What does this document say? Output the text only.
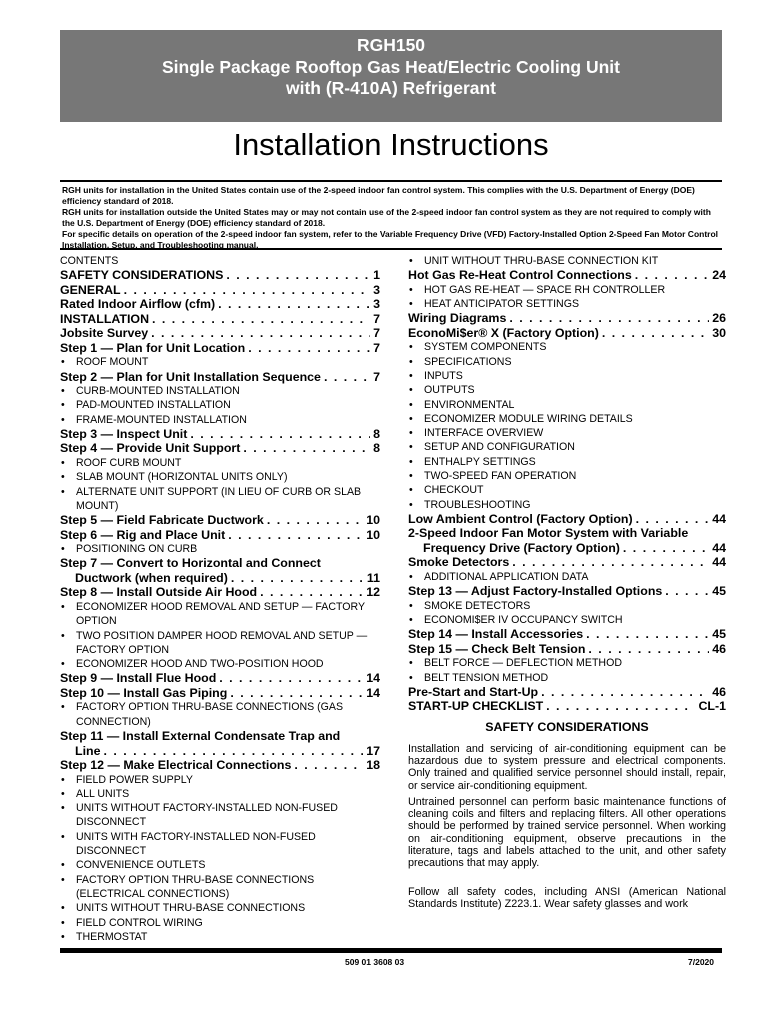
RGH150
Single Package Rooftop Gas Heat/Electric Cooling Unit
with (R-410A) Refrigerant
Installation Instructions
RGH units for installation in the United States contain use of the 2-speed indoor fan control system. This complies with the U.S. Department of Energy (DOE) efficiency standard of 2018.
RGH units for installation outside the United States may or may not contain use of the 2-speed indoor fan control system as they are not required to comply with the U.S. Department of Energy (DOE) efficiency standard of 2018.
For specific details on operation of the 2-speed indoor fan system, refer to the Variable Frequency Drive (VFD) Factory-Installed Option 2-Speed Fan Motor Control Installation, Setup, and Troubleshooting manual.
CONTENTS
SAFETY CONSIDERATIONS . . .	1
GENERAL . . .	3
Rated Indoor Airflow (cfm) . . .	3
INSTALLATION . . .	7
Jobsite Survey . . .	7
Step 1 — Plan for Unit Location . . .	7
• ROOF MOUNT
Step 2 — Plan for Unit Installation Sequence . . .	7
• CURB-MOUNTED INSTALLATION
• PAD-MOUNTED INSTALLATION
• FRAME-MOUNTED INSTALLATION
Step 3 — Inspect Unit . . .	8
Step 4 — Provide Unit Support . . .	8
• ROOF CURB MOUNT
• SLAB MOUNT (HORIZONTAL UNITS ONLY)
• ALTERNATE UNIT SUPPORT (IN LIEU OF CURB OR SLAB MOUNT)
Step 5 — Field Fabricate Ductwork . . .	10
Step 6 — Rig and Place Unit . . .	10
• POSITIONING ON CURB
Step 7 — Convert to Horizontal and Connect
Ductwork (when required) . . .	11
Step 8 — Install Outside Air Hood . . .	12
• ECONOMIZER HOOD REMOVAL AND SETUP — FACTORY OPTION
• TWO POSITION DAMPER HOOD REMOVAL AND SETUP — FACTORY OPTION
• ECONOMIZER HOOD AND TWO-POSITION HOOD
Step 9 — Install Flue Hood . . .	14
Step 10 — Install Gas Piping . . .	14
• FACTORY OPTION THRU-BASE CONNECTIONS (GAS CONNECTION)
Step 11 — Install External Condensate Trap and
Line . . .	17
Step 12 — Make Electrical Connections . . .	18
• FIELD POWER SUPPLY
• ALL UNITS
• UNITS WITHOUT FACTORY-INSTALLED NON-FUSED DISCONNECT
• UNITS WITH FACTORY-INSTALLED NON-FUSED DISCONNECT
• CONVENIENCE OUTLETS
• FACTORY OPTION THRU-BASE CONNECTIONS (ELECTRICAL CONNECTIONS)
• UNITS WITHOUT THRU-BASE CONNECTIONS
• FIELD CONTROL WIRING
• THERMOSTAT
• UNIT WITHOUT THRU-BASE CONNECTION KIT
Hot Gas Re-Heat Control Connections . . .	24
• HOT GAS RE-HEAT — SPACE RH CONTROLLER
• HEAT ANTICIPATOR SETTINGS
Wiring Diagrams . . .	26
EconoMi$er® X (Factory Option) . . .	30
• SYSTEM COMPONENTS
• SPECIFICATIONS
• INPUTS
• OUTPUTS
• ENVIRONMENTAL
• ECONOMIZER MODULE WIRING DETAILS
• INTERFACE OVERVIEW
• SETUP AND CONFIGURATION
• ENTHALPY SETTINGS
• TWO-SPEED FAN OPERATION
• CHECKOUT
• TROUBLESHOOTING
Low Ambient Control (Factory Option) . . .	44
2-Speed Indoor Fan Motor System with Variable
Frequency Drive (Factory Option) . . .	44
Smoke Detectors . . .	44
• ADDITIONAL APPLICATION DATA
Step 13 — Adjust Factory-Installed Options . . .	45
• SMOKE DETECTORS
• ECONOMI$ER IV OCCUPANCY SWITCH
Step 14 — Install Accessories . . .	45
Step 15 — Check Belt Tension . . .	46
• BELT FORCE — DEFLECTION METHOD
• BELT TENSION METHOD
Pre-Start and Start-Up . . .	46
START-UP CHECKLIST . . .	CL-1
SAFETY CONSIDERATIONS
Installation and servicing of air-conditioning equipment can be hazardous due to system pressure and electrical components. Only trained and qualified service personnel should install, repair, or service air-conditioning equipment.
Untrained personnel can perform basic maintenance functions of cleaning coils and filters and replacing filters. All other operations should be performed by trained service personnel. When working on air-conditioning equipment, observe precautions in the literature, tags and labels attached to the unit, and other safety precautions that may apply.
Follow all safety codes, including ANSI (American National Standards Institute) Z223.1. Wear safety glasses and work
509 01 3608 03	7/2020
